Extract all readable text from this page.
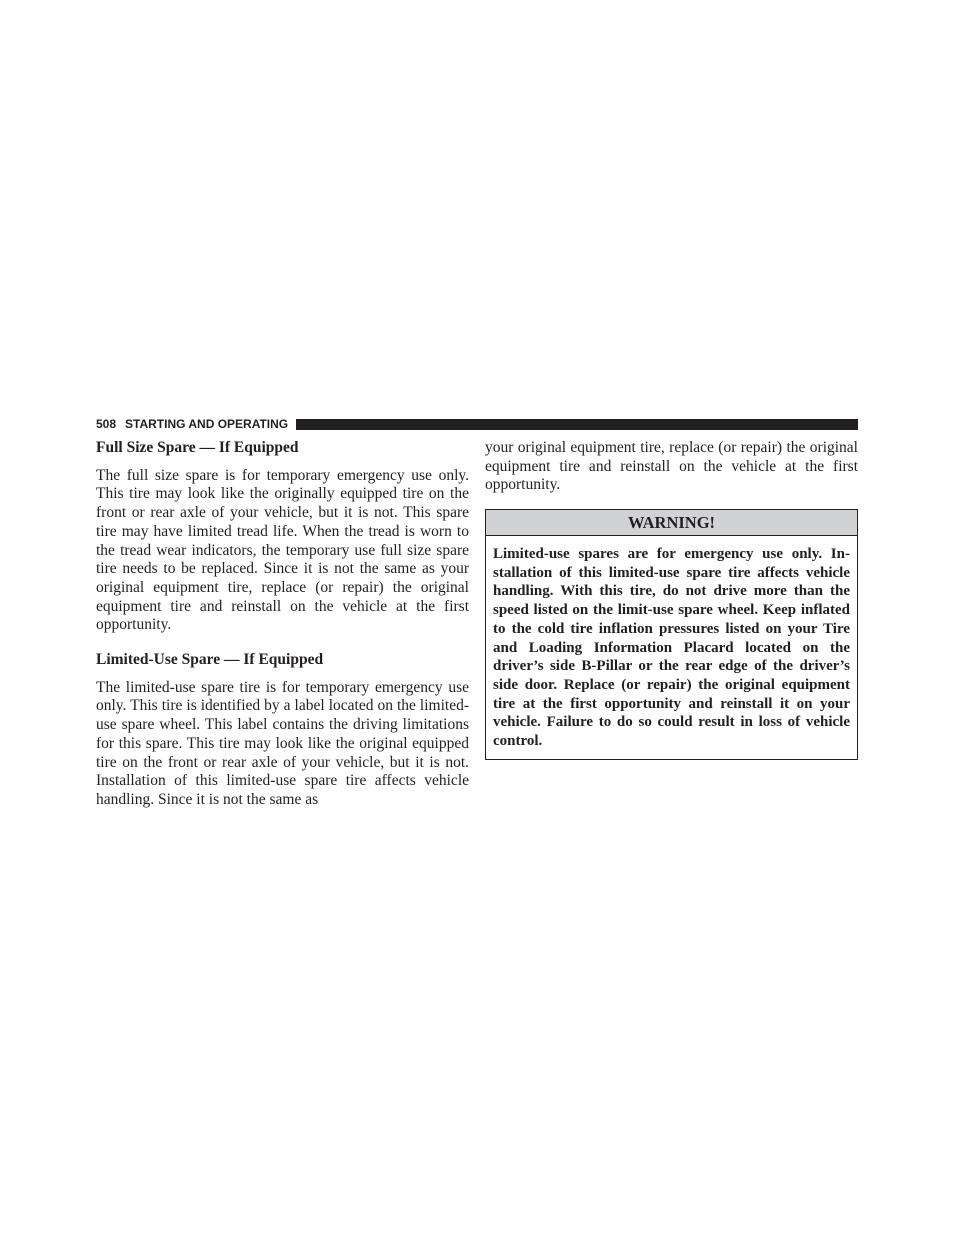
508 STARTING AND OPERATING
Full Size Spare — If Equipped

The full size spare is for temporary emergency use only. This tire may look like the originally equipped tire on the front or rear axle of your vehicle, but it is not. This spare tire may have limited tread life. When the tread is worn to the tread wear indicators, the temporary use full size spare tire needs to be replaced. Since it is not the same as your original equipment tire, replace (or repair) the original equipment tire and reinstall on the vehicle at the first opportunity.

Limited-Use Spare — If Equipped

The limited-use spare tire is for temporary emergency use only. This tire is identified by a label located on the limited-use spare wheel. This label contains the driving limitations for this spare. This tire may look like the original equipped tire on the front or rear axle of your vehicle, but it is not. Installation of this limited-use spare tire affects vehicle handling. Since it is not the same as

your original equipment tire, replace (or repair) the original equipment tire and reinstall on the vehicle at the first opportunity.

WARNING!
Limited-use spares are for emergency use only. Installation of this limited-use spare tire affects vehicle handling. With this tire, do not drive more than the speed listed on the limit-use spare wheel. Keep inflated to the cold tire inflation pressures listed on your Tire and Loading Information Placard located on the driver’s side B-Pillar or the rear edge of the driver’s side door. Replace (or repair) the original equipment tire at the first opportunity and reinstall it on your vehicle. Failure to do so could result in loss of vehicle control.
